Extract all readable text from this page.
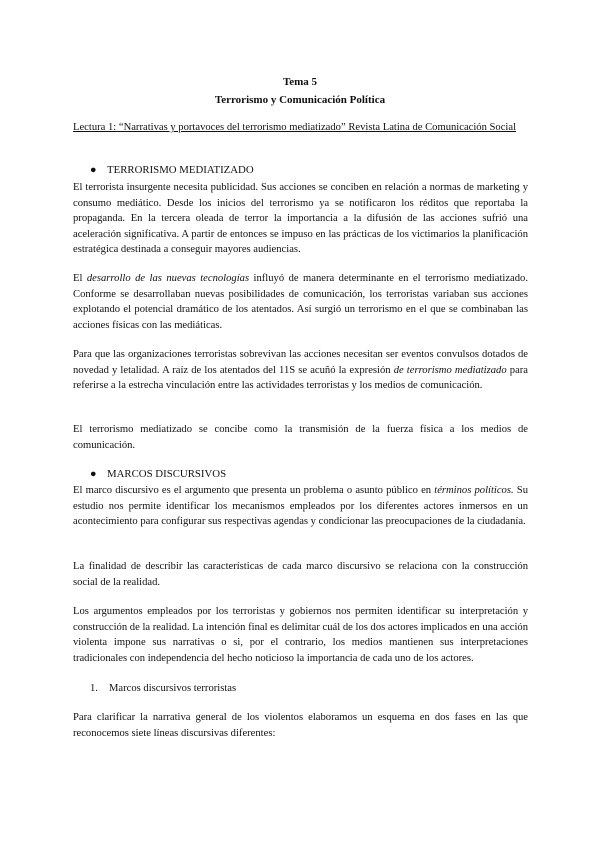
Tema 5
Terrorismo y Comunicación Política
Lectura 1: “Narrativas y portavoces del terrorismo mediatizado” Revista Latina de Comunicación Social
● TERRORISMO MEDIATIZADO

El terrorista insurgente necesita publicidad. Sus acciones se conciben en relación a normas de marketing y consumo mediático. Desde los inicios del terrorismo ya se notificaron los réditos que reportaba la propaganda. En la tercera oleada de terror la importancia a la difusión de las acciones sufrió una aceleración significativa. A partir de entonces se impuso en las prácticas de los victimarios la planificación estratégica destinada a conseguir mayores audiencias.

El desarrollo de las nuevas tecnologías influyó de manera determinante en el terrorismo mediatizado. Conforme se desarrollaban nuevas posibilidades de comunicación, los terroristas variaban sus acciones explotando el potencial dramático de los atentados. Así surgió un terrorismo en el que se combinaban las acciones físicas con las mediáticas.

Para que las organizaciones terroristas sobrevivan las acciones necesitan ser eventos convulsos dotados de novedad y letalidad. A raíz de los atentados del 11S se acuñó la expresión de terrorismo mediatizado para referirse a la estrecha vinculación entre las actividades terroristas y los medios de comunicación.

El terrorismo mediatizado se concibe como la transmisión de la fuerza física a los medios de comunicación.

● MARCOS DISCURSIVOS

El marco discursivo es el argumento que presenta un problema o asunto público en términos políticos. Su estudio nos permite identificar los mecanismos empleados por los diferentes actores inmersos en un acontecimiento para configurar sus respectivas agendas y condicionar las preocupaciones de la ciudadanía.

La finalidad de describir las características de cada marco discursivo se relaciona con la construcción social de la realidad.

Los argumentos empleados por los terroristas y gobiernos nos permiten identificar su interpretación y construcción de la realidad. La intención final es delimitar cuál de los dos actores implicados en una acción violenta impone sus narrativas o si, por el contrario, los medios mantienen sus interpretaciones tradicionales con independencia del hecho noticioso la importancia de cada uno de los actores.

1. Marcos discursivos terroristas

Para clarificar la narrativa general de los violentos elaboramos un esquema en dos fases en las que reconocemos siete líneas discursivas diferentes:
